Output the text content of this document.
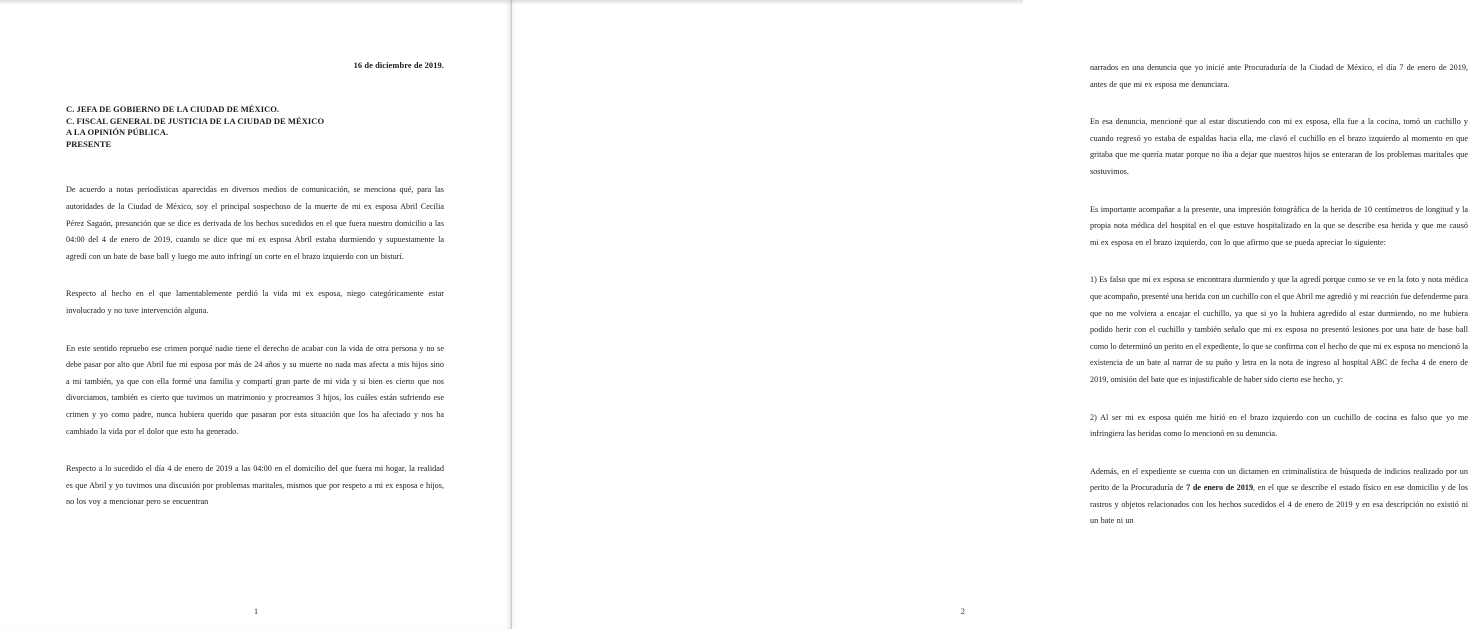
16 de diciembre de 2019.
C. JEFA DE GOBIERNO DE LA CIUDAD DE MÉXICO.
C. FISCAL GENERAL DE JUSTICIA DE LA CIUDAD DE MÉXICO
A LA OPINIÓN PÚBLICA.
PRESENTE

De acuerdo a notas periodísticas aparecidas en diversos medios de comunicación, se menciona qué, para las autoridades de la Ciudad de México, soy el principal sospechoso de la muerte de mi ex esposa Abril Cecilia Pérez Sagaón, presunción que se dice es derivada de los hechos sucedidos en el que fuera nuestro domicilio a las 04:00 del 4 de enero de 2019, cuando se dice que mi ex esposa Abril estaba durmiendo y supuestamente la agredí con un bate de base ball y luego me auto infringí un corte en el brazo izquierdo con un bisturí.

Respecto al hecho en el que lamentablemente perdió la vida mi ex esposa, niego categóricamente estar involucrado y no tuve intervención alguna.

En este sentido repruebo ese crimen porqué nadie tiene el derecho de acabar con la vida de otra persona y no se debe pasar por alto que Abril fue mi esposa por más de 24 años y su muerte no nada mas afecta a mis hijos sino a mi también, ya que con ella formé una familia y compartí gran parte de mi vida y si bien es cierto que nos divorciamos, también es cierto que tuvimos un matrimonio y procreamos 3 hijos, los cuáles están sufriendo ese crimen y yo como padre, nunca hubiera querido que pasaran por esta situación que los ha afectado y nos ha cambiado la vida por el dolor que esto ha generado.

Respecto a lo sucedido el día 4 de enero de 2019 a las 04:00 en el domicilio del que fuera mi hogar, la realidad es que Abril y yo tuvimos una discusión por problemas maritales, mismos que por respeto a mi ex esposa e hijos, no los voy a mencionar pero se encuentran

1

narrados en una denuncia que yo inicié ante Procuraduría de la Ciudad de México, el día 7 de enero de 2019, antes de que mi ex esposa me denunciara.

En esa denuncia, mencioné que al estar discutiendo con mi ex esposa, ella fue a la cocina, tomó un cuchillo y cuando regresó yo estaba de espaldas hacia ella, me clavó el cuchillo en el brazo izquierdo al momento en que gritaba que me quería matar porque no iba a dejar que nuestros hijos se enteraran de los problemas maritales que sostuvimos.

Es importante acompañar a la presente, una impresión fotográfica de la herida de 10 centímetros de longitud y la propia nota médica del hospital en el que estuve hospitalizado en la que se describe esa herida y que me causó mi ex esposa en el brazo izquierdo, con lo que afirmo que se pueda apreciar lo siguiente:

1) Es falso que mi ex esposa se encontrara durmiendo y que la agredí porque como se ve en la foto y nota médica que acompaño, presenté una herida con un cuchillo con el que Abril me agredió y mi reacción fue defenderme para que no me volviera a encajar el cuchillo, ya que si yo la hubiera agredido al estar durmiendo, no me hubiera podido herir con el cuchillo y también señalo que mi ex esposa no presentó lesiones por una bate de base ball como lo determinó un perito en el expediente, lo que se confirma con el hecho de que mi ex esposa no mencionó la existencia de un bate al narrar de su puño y letra en la nota de ingreso al hospital ABC de fecha 4 de enero de 2019, omisión del bate que es injustificable de haber sido cierto ese hecho, y:

2) Al ser mi ex esposa quién me hirió en el brazo izquierdo con un cuchillo de cocina es falso que yo me infringiera las heridas como lo mencionó en su denuncia.

Además, en el expediente se cuenta con un dictamen en criminalística de búsqueda de indicios realizado por un perito de la Procuraduría de 7 de enero de 2019, en el que se describe el estado físico en ese domicilio y de los rastros y objetos relacionados con los hechos sucedidos el 4 de enero de 2019 y en esa descripción no existió ni un bate ni un

2
